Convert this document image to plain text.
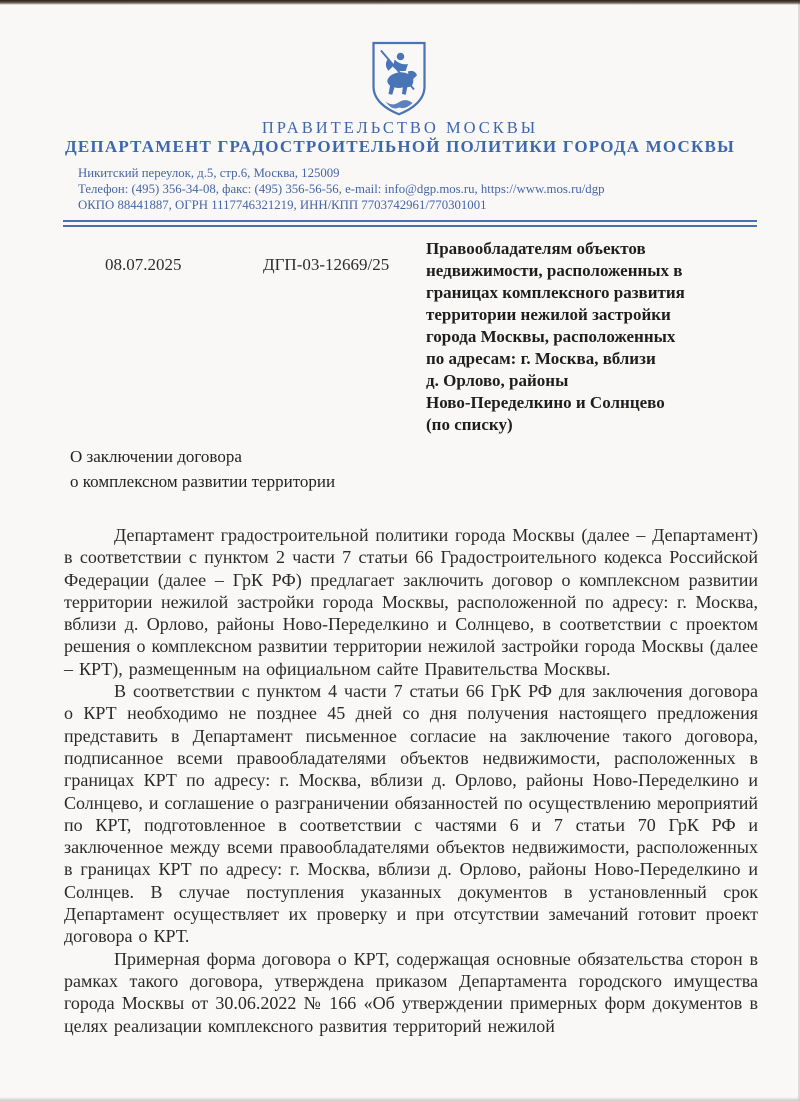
ПРАВИТЕЛЬСТВО МОСКВЫ
ДЕПАРТАМЕНТ ГРАДОСТРОИТЕЛЬНОЙ ПОЛИТИКИ ГОРОДА МОСКВЫ
Никитский переулок, д.5, стр.6, Москва, 125009
Телефон: (495) 356-34-08, факс: (495) 356-56-56, e-mail: info@dgp.mos.ru, https://www.mos.ru/dgp
ОКПО 88441887, ОГРН 1117746321219, ИНН/КПП 7703742961/770301001
08.07.2025	ДГП-03-12669/25
Правообладателям объектов
недвижимости, расположенных в
границах комплексного развития
территории нежилой застройки
города Москвы, расположенных
по адресам: г. Москва, вблизи
д. Орлово, районы
Ново-Переделкино и Солнцево
(по списку)
О заключении договора
о комплексном развитии территории
Департамент градостроительной политики города Москвы (далее – Департамент) в соответствии с пунктом 2 части 7 статьи 66 Градостроительного кодекса Российской Федерации (далее – ГрК РФ) предлагает заключить договор о комплексном развитии территории нежилой застройки города Москвы, расположенной по адресу: г. Москва, вблизи д. Орлово, районы Ново-Переделкино и Солнцево, в соответствии с проектом решения о комплексном развитии территории нежилой застройки города Москвы (далее – КРТ), размещенным на официальном сайте Правительства Москвы.
В соответствии с пунктом 4 части 7 статьи 66 ГрК РФ для заключения договора о КРТ необходимо не позднее 45 дней со дня получения настоящего предложения представить в Департамент письменное согласие на заключение такого договора, подписанное всеми правообладателями объектов недвижимости, расположенных в границах КРТ по адресу: г. Москва, вблизи д. Орлово, районы Ново-Переделкино и Солнцево, и соглашение о разграничении обязанностей по осуществлению мероприятий по КРТ, подготовленное в соответствии с частями 6 и 7 статьи 70 ГрК РФ и заключенное между всеми правообладателями объектов недвижимости, расположенных в границах КРТ по адресу: г. Москва, вблизи д. Орлово, районы Ново-Переделкино и Солнцев. В случае поступления указанных документов в установленный срок Департамент осуществляет их проверку и при отсутствии замечаний готовит проект договора о КРТ.
Примерная форма договора о КРТ, содержащая основные обязательства сторон в рамках такого договора, утверждена приказом Департамента городского имущества города Москвы от 30.06.2022 № 166 «Об утверждении примерных форм документов в целях реализации комплексного развития территорий нежилой
